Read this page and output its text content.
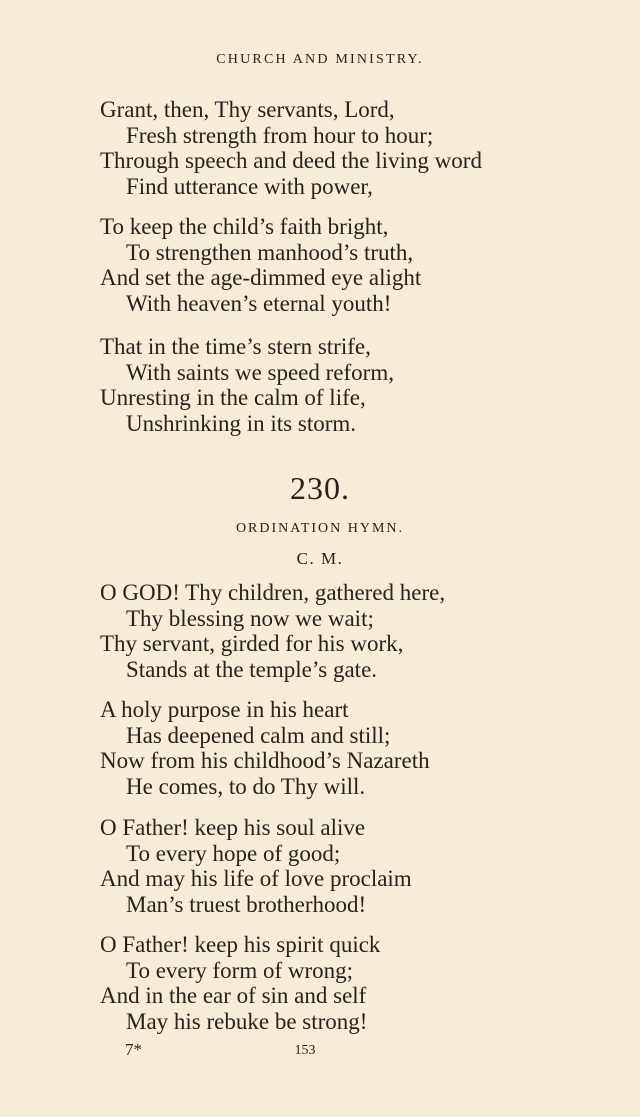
CHURCH AND MINISTRY.
Grant, then, Thy servants, Lord,
Fresh strength from hour to hour;
Through speech and deed the living word
Find utterance with power,
To keep the child’s faith bright,
To strengthen manhood’s truth,
And set the age-dimmed eye alight
With heaven’s eternal youth!
That in the time’s stern strife,
With saints we speed reform,
Unresting in the calm of life,
Unshrinking in its storm.
230.
ORDINATION HYMN.
C. M.
O GOD! Thy children, gathered here,
Thy blessing now we wait;
Thy servant, girded for his work,
Stands at the temple’s gate.
A holy purpose in his heart
Has deepened calm and still;
Now from his childhood’s Nazareth
He comes, to do Thy will.
O Father! keep his soul alive
To every hope of good;
And may his life of love proclaim
Man’s truest brotherhood!
O Father! keep his spirit quick
To every form of wrong;
And in the ear of sin and self
May his rebuke be strong!
7*	153
